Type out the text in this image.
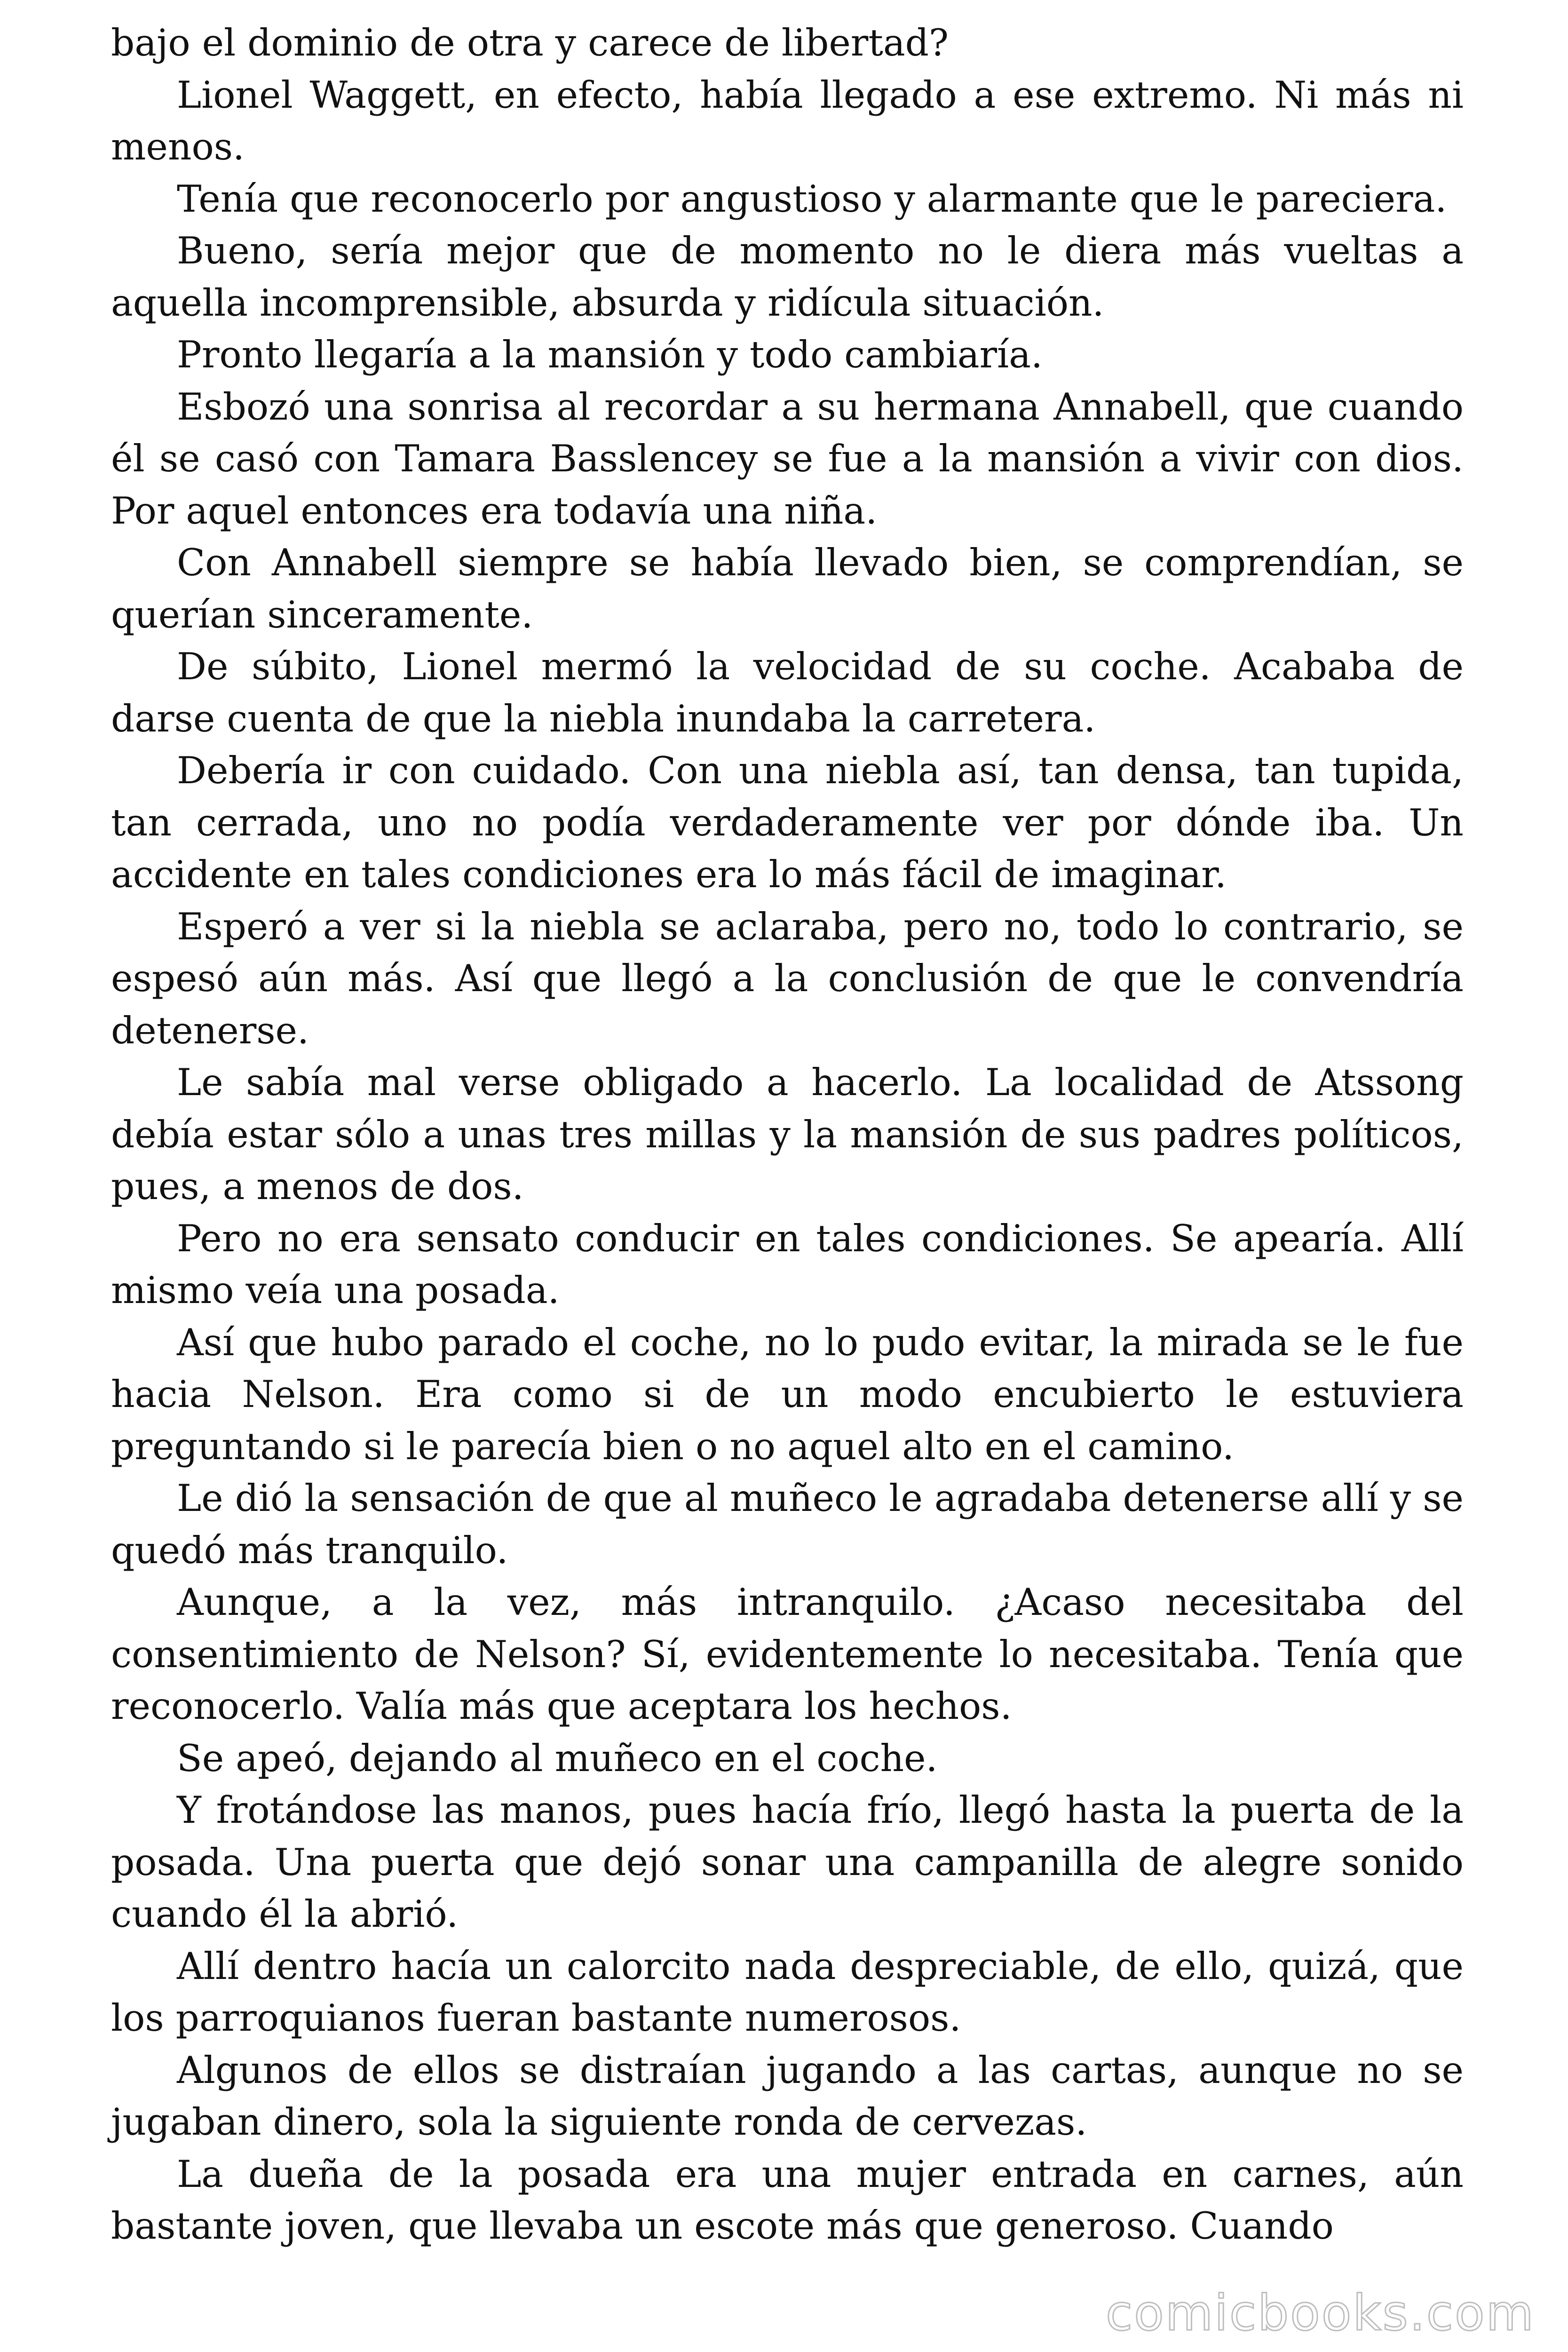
bajo el dominio de otra y carece de libertad?

Lionel Waggett, en efecto, había llegado a ese extremo. Ni más ni menos.

Tenía que reconocerlo por angustioso y alarmante que le pareciera.

Bueno, sería mejor que de momento no le diera más vueltas a aquella incomprensible, absurda y ridícula situación.

Pronto llegaría a la mansión y todo cambiaría.

Esbozó una sonrisa al recordar a su hermana Annabell, que cuando él se casó con Tamara Basslencey se fue a la mansión a vivir con dios. Por aquel entonces era todavía una niña.

Con Annabell siempre se había llevado bien, se comprendían, se querían sinceramente.

De súbito, Lionel mermó la velocidad de su coche. Acababa de darse cuenta de que la niebla inundaba la carretera.

Debería ir con cuidado. Con una niebla así, tan densa, tan tupida, tan cerrada, uno no podía verdaderamente ver por dónde iba. Un accidente en tales condiciones era lo más fácil de imaginar.

Esperó a ver si la niebla se aclaraba, pero no, todo lo contrario, se espesó aún más. Así que llegó a la conclusión de que le convendría detenerse.

Le sabía mal verse obligado a hacerlo. La localidad de Atssong debía estar sólo a unas tres millas y la mansión de sus padres políticos, pues, a menos de dos.

Pero no era sensato conducir en tales condiciones. Se apearía. Allí mismo veía una posada.

Así que hubo parado el coche, no lo pudo evitar, la mirada se le fue hacia Nelson. Era como si de un modo encubierto le estuviera preguntando si le parecía bien o no aquel alto en el camino.

Le dió la sensación de que al muñeco le agradaba detenerse allí y se quedó más tranquilo.

Aunque, a la vez, más intranquilo. ¿Acaso necesitaba del consentimiento de Nelson? Sí, evidentemente lo necesitaba. Tenía que reconocerlo. Valía más que aceptara los hechos.

Se apeó, dejando al muñeco en el coche.

Y frotándose las manos, pues hacía frío, llegó hasta la puerta de la posada. Una puerta que dejó sonar una campanilla de alegre sonido cuando él la abrió.

Allí dentro hacía un calorcito nada despreciable, de ello, quizá, que los parroquianos fueran bastante numerosos.

Algunos de ellos se distraían jugando a las cartas, aunque no se jugaban dinero, sola la siguiente ronda de cervezas.

La dueña de la posada era una mujer entrada en carnes, aún bastante joven, que llevaba un escote más que generoso. Cuando

comicbooks.com
